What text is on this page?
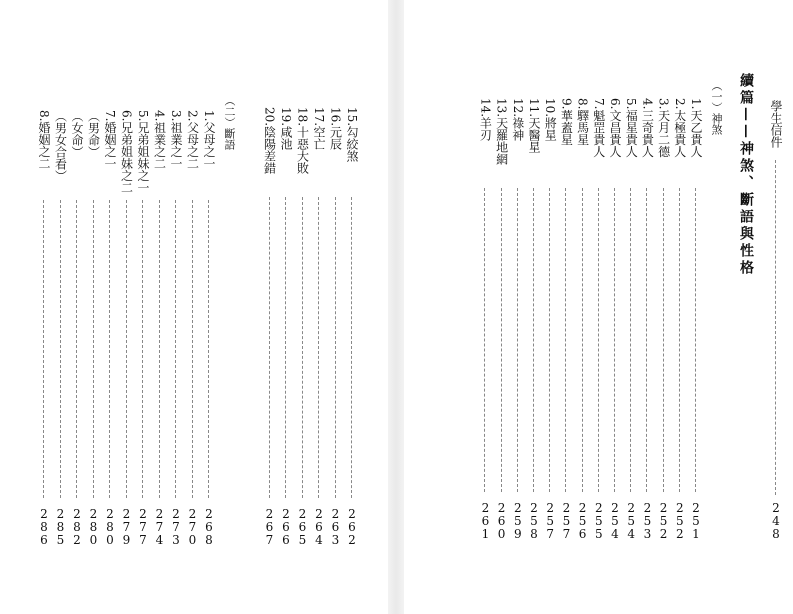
學生信件
248
續篇——神煞、斷語與性格
（一）神煞
1.天乙貴人
251
2.太極貴人
252
3.天月二德
252
4.三奇貴人
253
5.福星貴人
254
6.文昌貴人
254
7.魁罡貴人
255
8.驛馬星
256
9.華蓋星
257
10.將星
257
11.天醫星
258
12.祿神
259
13.天羅地網
260
14.羊刃
261
15.勾絞煞
262
16.元辰
263
17.空亡
264
18.十惡大敗
265
19.咸池
266
20.陰陽差錯
267
（二）斷語
1.父母之一
268
2.父母之二
270
3.祖業之一
273
4.祖業之二
274
5.兄弟姐妹之一
277
6.兄弟姐妹之二
279
7.婚姻之一
280
（男命）
280
（女命）
282
（男女合看）
285
8.婚姻之二
286
